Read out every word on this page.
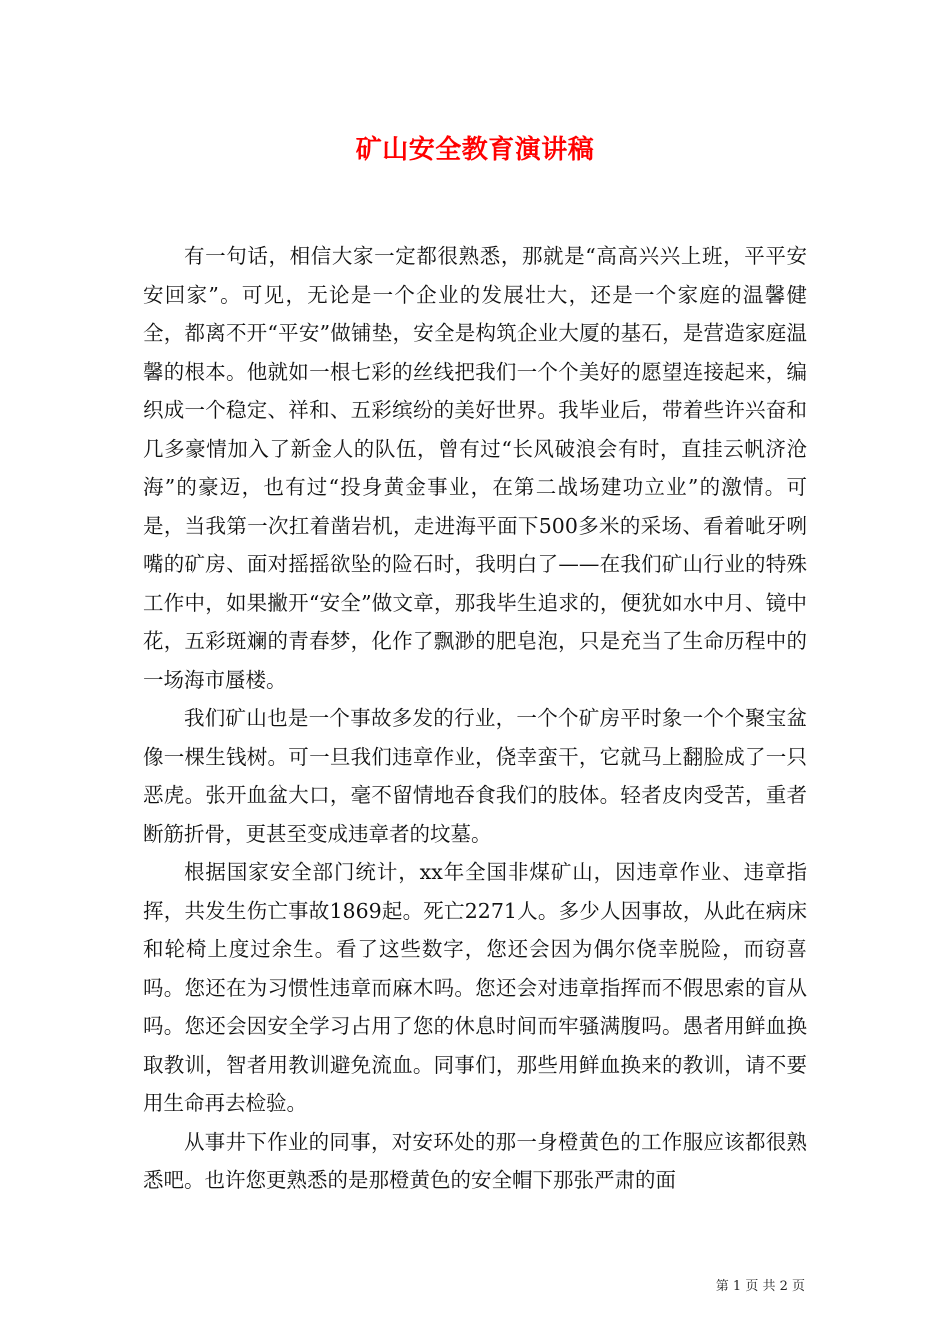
矿山安全教育演讲稿

有一句话，相信大家一定都很熟悉，那就是“高高兴兴上班，平平安安回家”。可见，无论是一个企业的发展壮大，还是一个家庭的温馨健全，都离不开“平安”做铺垫，安全是构筑企业大厦的基石，是营造家庭温馨的根本。他就如一根七彩的丝线把我们一个个美好的愿望连接起来，编织成一个稳定、祥和、五彩缤纷的美好世界。我毕业后，带着些许兴奋和几多豪情加入了新金人的队伍，曾有过“长风破浪会有时，直挂云帆济沧海”的豪迈，也有过“投身黄金事业，在第二战场建功立业”的激情。可是，当我第一次扛着凿岩机，走进海平面下500多米的采场、看着呲牙咧嘴的矿房、面对摇摇欲坠的险石时，我明白了——在我们矿山行业的特殊工作中，如果撇开“安全”做文章，那我毕生追求的，便犹如水中月、镜中花，五彩斑斓的青春梦，化作了飘渺的肥皂泡，只是充当了生命历程中的一场海市蜃楼。

我们矿山也是一个事故多发的行业，一个个矿房平时象一个个聚宝盆像一棵生钱树。可一旦我们违章作业，侥幸蛮干，它就马上翻脸成了一只恶虎。张开血盆大口，毫不留情地吞食我们的肢体。轻者皮肉受苦，重者断筋折骨，更甚至变成违章者的坟墓。

根据国家安全部门统计，xx年全国非煤矿山，因违章作业、违章指挥，共发生伤亡事故1869起。死亡2271人。多少人因事故，从此在病床和轮椅上度过余生。看了这些数字，您还会因为偶尔侥幸脱险，而窃喜吗。您还在为习惯性违章而麻木吗。您还会对违章指挥而不假思索的盲从吗。您还会因安全学习占用了您的休息时间而牢骚满腹吗。愚者用鲜血换取教训，智者用教训避免流血。同事们，那些用鲜血换来的教训，请不要用生命再去检验。

从事井下作业的同事，对安环处的那一身橙黄色的工作服应该都很熟悉吧。也许您更熟悉的是那橙黄色的安全帽下那张严肃的面

第 1 页 共 2 页
